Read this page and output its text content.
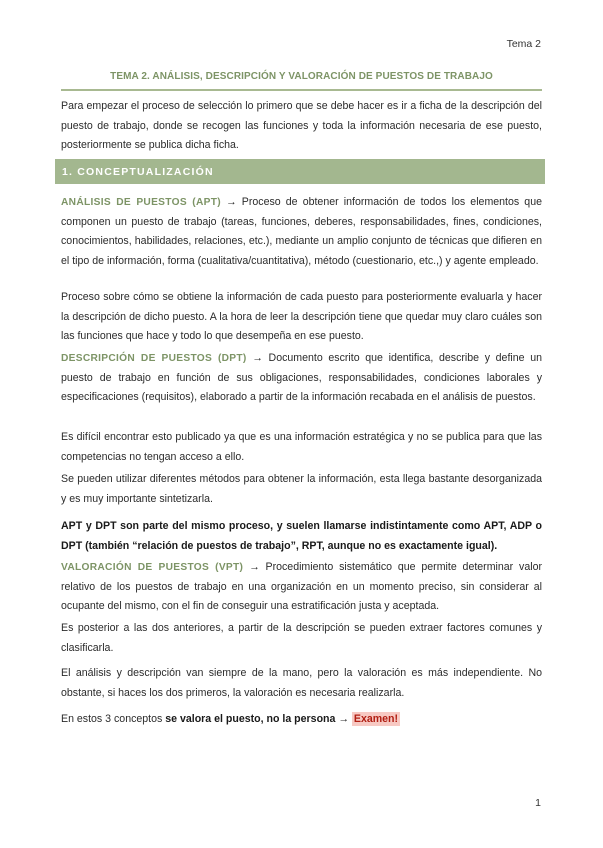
Tema 2
TEMA 2. ANÁLISIS, DESCRIPCIÓN Y VALORACIÓN DE PUESTOS DE TRABAJO

Para empezar el proceso de selección lo primero que se debe hacer es ir a ficha de la descripción del puesto de trabajo, donde se recogen las funciones y toda la información necesaria de ese puesto, posteriormente se publica dicha ficha.

1. CONCEPTUALIZACIÓN

ANÁLISIS DE PUESTOS (APT) → Proceso de obtener información de todos los elementos que componen un puesto de trabajo (tareas, funciones, deberes, responsabilidades, fines, condiciones, conocimientos, habilidades, relaciones, etc.), mediante un amplio conjunto de técnicas que difieren en el tipo de información, forma (cualitativa/cuantitativa), método (cuestionario, etc.,) y agente empleado.

Proceso sobre cómo se obtiene la información de cada puesto para posteriormente evaluarla y hacer la descripción de dicho puesto. A la hora de leer la descripción tiene que quedar muy claro cuáles son las funciones que hace y todo lo que desempeña en ese puesto.

DESCRIPCIÓN DE PUESTOS (DPT) → Documento escrito que identifica, describe y define un puesto de trabajo en función de sus obligaciones, responsabilidades, condiciones laborales y especificaciones (requisitos), elaborado a partir de la información recabada en el análisis de puestos.

Es difícil encontrar esto publicado ya que es una información estratégica y no se publica para que las competencias no tengan acceso a ello.

Se pueden utilizar diferentes métodos para obtener la información, esta llega bastante desorganizada y es muy importante sintetizarla.

APT y DPT son parte del mismo proceso, y suelen llamarse indistintamente como APT, ADP o DPT (también “relación de puestos de trabajo”, RPT, aunque no es exactamente igual).

VALORACIÓN DE PUESTOS (VPT) → Procedimiento sistemático que permite determinar valor relativo de los puestos de trabajo en una organización en un momento preciso, sin considerar al ocupante del mismo, con el fin de conseguir una estratificación justa y aceptada.

Es posterior a las dos anteriores, a partir de la descripción se pueden extraer factores comunes y clasificarla.

El análisis y descripción van siempre de la mano, pero la valoración es más independiente. No obstante, si haces los dos primeros, la valoración es necesaria realizarla.

En estos 3 conceptos se valora el puesto, no la persona → Examen!

1
